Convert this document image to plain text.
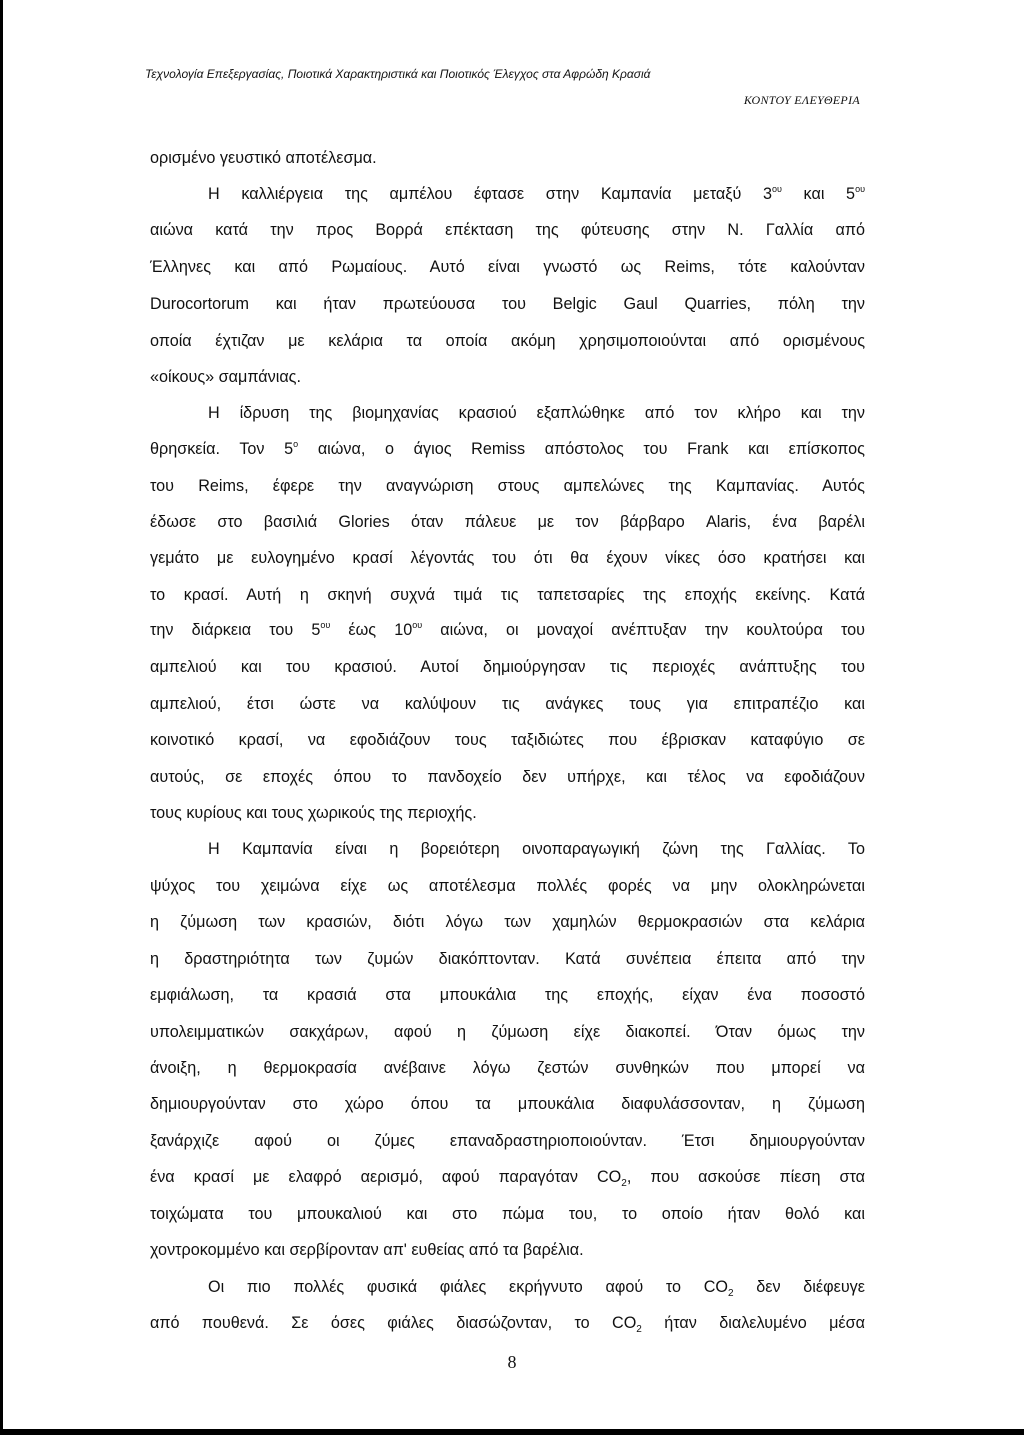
Τεχνολογία Επεξεργασίας, Ποιοτικά Χαρακτηριστικά και Ποιοτικός Έλεγχος στα Αφρώδη Κρασιά
ΚΟΝΤΟΥ ΕΛΕΥΘΕΡΙΑ
ορισμένο γευστικό αποτέλεσμα.
Η καλλιέργεια της αμπέλου έφτασε στην Καμπανία μεταξύ $3^{o\upsilon}$ και $5^{o\upsilon}$
αιώνα κατά την προς Βορρά επέκταση της φύτευσης στην Ν. Γαλλία από
Έλληνες και από Ρωμαίους. Αυτό είναι γνωστό ως Reims, τότε καλούνταν
Durocortorum και ήταν πρωτεύουσα του Belgic Gaul Quarries, πόλη την
οποία έχτιζαν με κελάρια τα οποία ακόμη χρησιμοποιούνται από ορισμένους
«οίκους» σαμπάνιας.
Η ίδρυση της βιομηχανίας κρασιού εξαπλώθηκε από τον κλήρο και την
θρησκεία. Τον $5^o$ αιώνα, ο άγιος Remiss απόστολος του Frank και επίσκοπος
του Reims, έφερε την αναγνώριση στους αμπελώνες της Καμπανίας. Αυτός
έδωσε στο βασιλιά Glories όταν πάλευε με τον βάρβαρο Alaris, ένα βαρέλι
γεμάτο με ευλογημένο κρασί λέγοντάς του ότι θα έχουν νίκες όσο κρατήσει και
το κρασί. Αυτή η σκηνή συχνά τιμά τις ταπετσαρίες της εποχής εκείνης. Κατά
την διάρκεια του $5^{o\upsilon}$ έως $10^{o\upsilon}$ αιώνα, οι μοναχοί ανέπτυξαν την κουλτούρα του
αμπελιού και του κρασιού. Αυτοί δημιούργησαν τις περιοχές ανάπτυξης του
αμπελιού, έτσι ώστε να καλύψουν τις ανάγκες τους για επιτραπέζιο και
κοινοτικό κρασί, να εφοδιάζουν τους ταξιδιώτες που έβρισκαν καταφύγιο σε
αυτούς, σε εποχές όπου το πανδοχείο δεν υπήρχε, και τέλος να εφοδιάζουν
τους κυρίους και τους χωρικούς της περιοχής.
Η Καμπανία είναι η βορειότερη οινοπαραγωγική ζώνη της Γαλλίας. Το
ψύχος του χειμώνα είχε ως αποτέλεσμα πολλές φορές να μην ολοκληρώνεται
η ζύμωση των κρασιών, διότι λόγω των χαμηλών θερμοκρασιών στα κελάρια
η δραστηριότητα των ζυμών διακόπτονταν. Κατά συνέπεια έπειτα από την
εμφιάλωση, τα κρασιά στα μπουκάλια της εποχής, είχαν ένα ποσοστό
υπολειμματικών σακχάρων, αφού η ζύμωση είχε διακοπεί. Όταν όμως την
άνοιξη, η θερμοκρασία ανέβαινε λόγω ζεστών συνθηκών που μπορεί να
δημιουργούνταν στο χώρο όπου τα μπουκάλια διαφυλάσσονταν, η ζύμωση
ξανάρχιζε αφού οι ζύμες επαναδραστηριοποιούνταν. Έτσι δημιουργούνταν
ένα κρασί με ελαφρό αερισμό, αφού παραγόταν $CO_2$, που ασκούσε πίεση στα
τοιχώματα του μπουκαλιού και στο πώμα του, το οποίο ήταν θολό και
χοντροκομμένο και σερβίρονταν απ' ευθείας από τα βαρέλια.
Οι πιο πολλές φυσικά φιάλες εκρήγνυτο αφού το $CO_2$ δεν διέφευγε
από πουθενά. Σε όσες φιάλες διασώζονταν, το $CO_2$ ήταν διαλελυμένο μέσα
8
